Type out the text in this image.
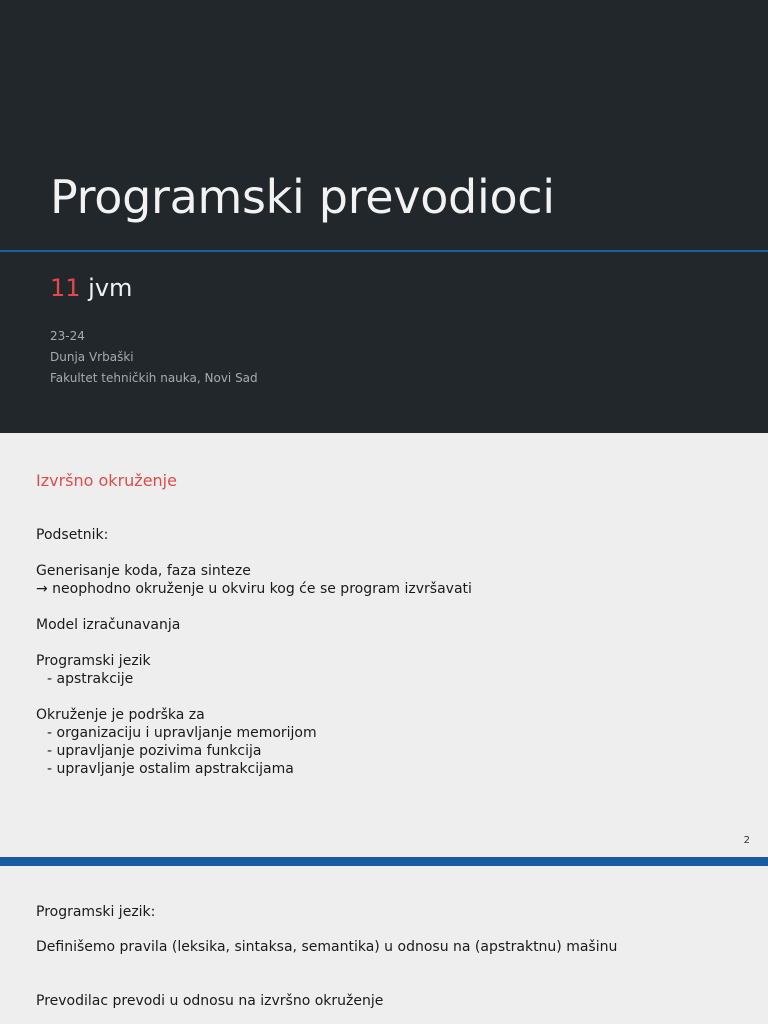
Programski prevodioci
11 jvm
23-24
Dunja Vrbaški
Fakultet tehničkih nauka, Novi Sad
Izvršno okruženje
Podsetnik:
Generisanje koda, faza sinteze
→ neophodno okruženje u okviru kog će se program izvršavati
Model izračunavanja
Programski jezik
- apstrakcije
Okruženje je podrška za
- organizaciju i upravljanje memorijom
- upravljanje pozivima funkcija
- upravljanje ostalim apstrakcijama
2
Programski jezik:
Definišemo pravila (leksika, sintaksa, semantika) u odnosu na (apstraktnu) mašinu
Prevodilac prevodi u odnosu na izvršno okruženje
